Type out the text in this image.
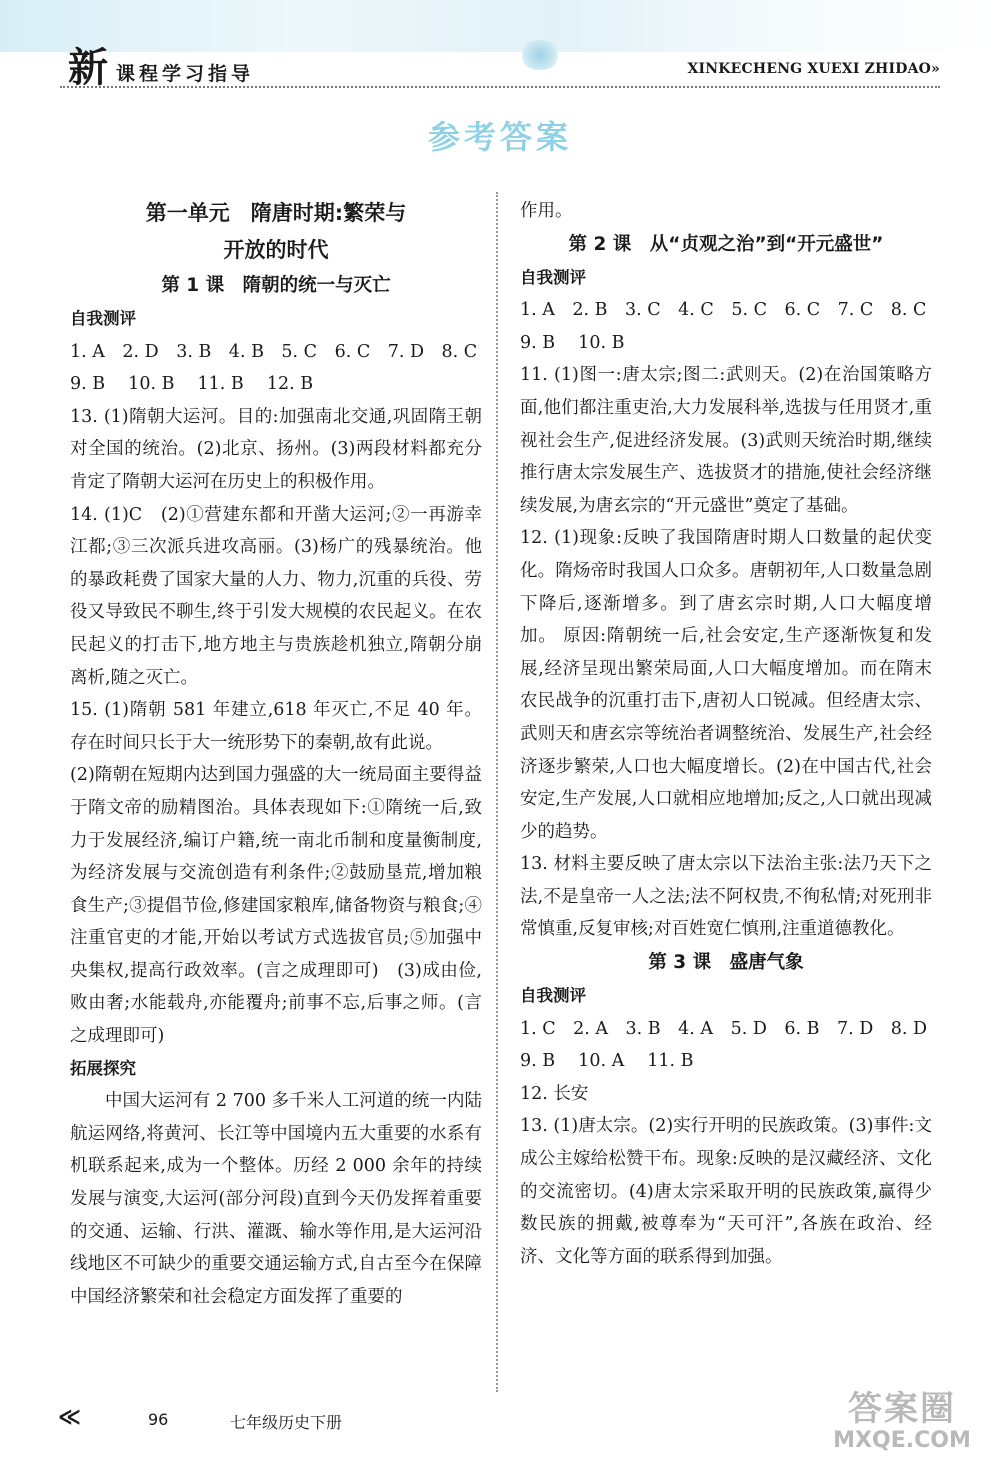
新 课程学习指导	XINKECHENG XUEXI ZHIDAO»
参考答案
第一单元　隋唐时期:繁荣与
开放的时代
第 1 课　隋朝的统一与灭亡
自我测评

1. A　2. D　3. B　4. B　5. C　6. C　7. D　8. C

9. B　 10. B　 11. B　 12. B

13. (1)隋朝大运河。目的:加强南北交通,巩固隋王朝对全国的统治。(2)北京、扬州。(3)两段材料都充分肯定了隋朝大运河在历史上的积极作用。

14. (1)C　(2)①营建东都和开凿大运河;②一再游幸江都;③三次派兵进攻高丽。(3)杨广的残暴统治。他的暴政耗费了国家大量的人力、物力,沉重的兵役、劳役又导致民不聊生,终于引发大规模的农民起义。在农民起义的打击下,地方地主与贵族趁机独立,隋朝分崩离析,随之灭亡。

15. (1)隋朝 581 年建立,618 年灭亡,不足 40 年。存在时间只长于大一统形势下的秦朝,故有此说。

(2)隋朝在短期内达到国力强盛的大一统局面主要得益于隋文帝的励精图治。具体表现如下:①隋统一后,致力于发展经济,编订户籍,统一南北币制和度量衡制度,为经济发展与交流创造有利条件;②鼓励垦荒,增加粮食生产;③提倡节俭,修建国家粮库,储备物资与粮食;④注重官吏的才能,开始以考试方式选拔官员;⑤加强中央集权,提高行政效率。(言之成理即可)　(3)成由俭,败由奢;水能载舟,亦能覆舟;前事不忘,后事之师。(言之成理即可)

拓展探究

中国大运河有 2 700 多千米人工河道的统一内陆航运网络,将黄河、长江等中国境内五大重要的水系有机联系起来,成为一个整体。历经 2 000 余年的持续发展与演变,大运河(部分河段)直到今天仍发挥着重要的交通、运输、行洪、灌溉、输水等作用,是大运河沿线地区不可缺少的重要交通运输方式,自古至今在保障中国经济繁荣和社会稳定方面发挥了重要的

作用。

第 2 课　从“贞观之治”到“开元盛世”
自我测评

1. A　2. B　3. C　4. C　5. C　6. C　7. C　8. C

9. B　 10. B

11. (1)图一:唐太宗;图二:武则天。(2)在治国策略方面,他们都注重吏治,大力发展科举,选拔与任用贤才,重视社会生产,促进经济发展。(3)武则天统治时期,继续推行唐太宗发展生产、选拔贤才的措施,使社会经济继续发展,为唐玄宗的“开元盛世”奠定了基础。

12. (1)现象:反映了我国隋唐时期人口数量的起伏变化。隋炀帝时我国人口众多。唐朝初年,人口数量急剧下降后,逐渐增多。到了唐玄宗时期,人口大幅度增加。 原因:隋朝统一后,社会安定,生产逐渐恢复和发展,经济呈现出繁荣局面,人口大幅度增加。而在隋末农民战争的沉重打击下,唐初人口锐减。但经唐太宗、武则天和唐玄宗等统治者调整统治、发展生产,社会经济逐步繁荣,人口也大幅度增长。(2)在中国古代,社会安定,生产发展,人口就相应地增加;反之,人口就出现减少的趋势。

13. 材料主要反映了唐太宗以下法治主张:法乃天下之法,不是皇帝一人之法;法不阿权贵,不徇私情;对死刑非常慎重,反复审核;对百姓宽仁慎刑,注重道德教化。

第 3 课　盛唐气象
自我测评

1. C　2. A　3. B　4. A　5. D　6. B　7. D　8. D

9. B　 10. A　 11. B

12. 长安

13. (1)唐太宗。(2)实行开明的民族政策。(3)事件:文成公主嫁给松赞干布。现象:反映的是汉藏经济、文化的交流密切。(4)唐太宗采取开明的民族政策,赢得少数民族的拥戴,被尊奉为“天可汗”,各族在政治、经济、文化等方面的联系得到加强。

≪	96	七年级历史下册	答案圈
MXQE.COM
